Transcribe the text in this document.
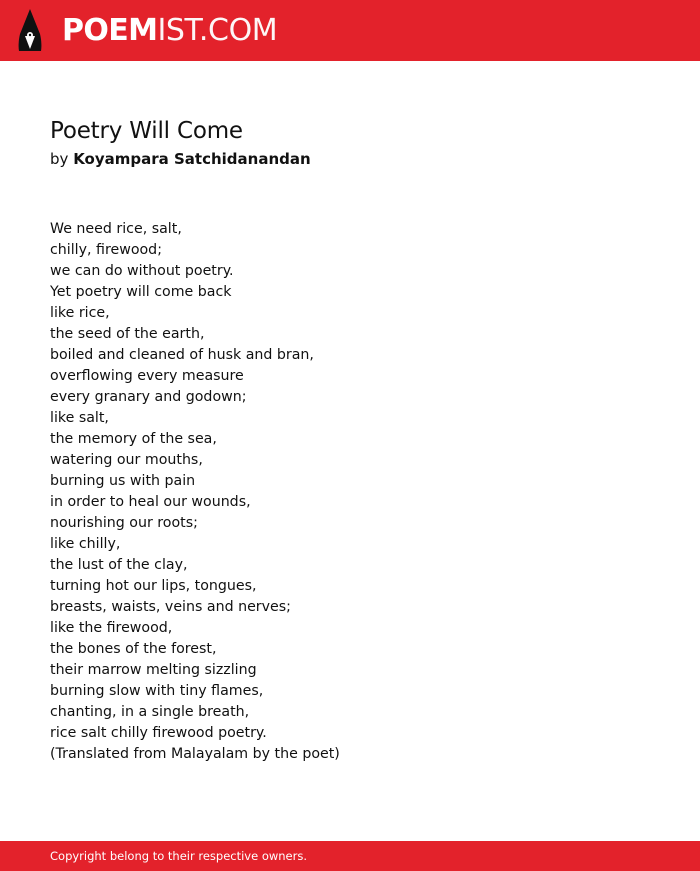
POEMIST.COM
Poetry Will Come
by Koyampara Satchidanandan
We need rice, salt,
chilly, firewood;
we can do without poetry.
Yet poetry will come back
like rice,
the seed of the earth,
boiled and cleaned of husk and bran,
overflowing every measure
every granary and godown;
like salt,
the memory of the sea,
watering our mouths,
burning us with pain
in order to heal our wounds,
nourishing our roots;
like chilly,
the lust of the clay,
turning hot our lips, tongues,
breasts, waists, veins and nerves;
like the firewood,
the bones of the forest,
their marrow melting sizzling
burning slow with tiny flames,
chanting, in a single breath,
rice salt chilly firewood poetry.
(Translated from Malayalam by the poet)
Copyright belong to their respective owners.
